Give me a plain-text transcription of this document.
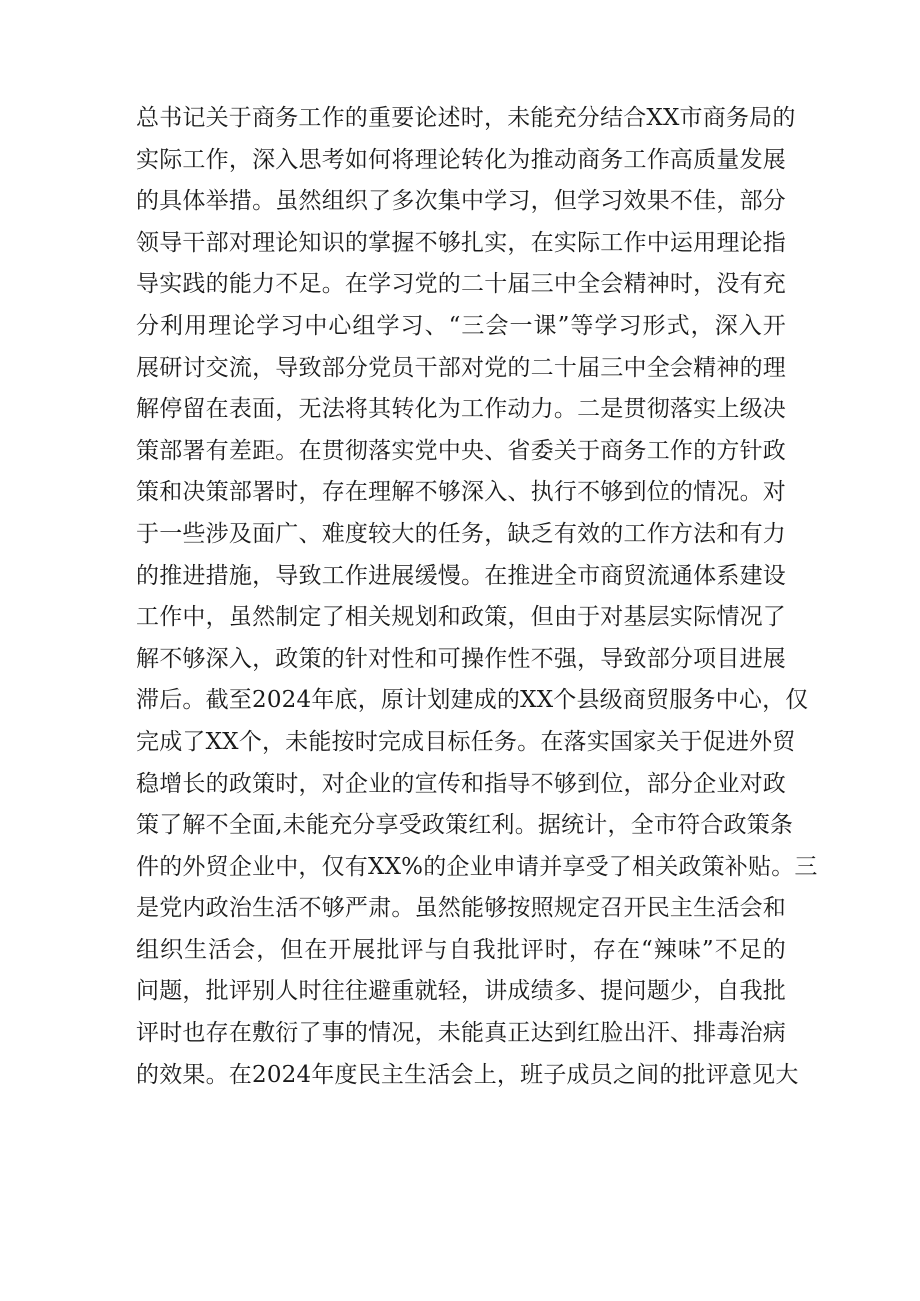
总书记关于商务工作的重要论述时，未能充分结合XX市商务局的
实际工作，深入思考如何将理论转化为推动商务工作高质量发展
的具体举措。虽然组织了多次集中学习，但学习效果不佳，部分
领导干部对理论知识的掌握不够扎实，在实际工作中运用理论指
导实践的能力不足。在学习党的二十届三中全会精神时，没有充
分利用理论学习中心组学习、“三会一课”等学习形式，深入开
展研讨交流，导致部分党员干部对党的二十届三中全会精神的理
解停留在表面，无法将其转化为工作动力。二是贯彻落实上级决
策部署有差距。在贯彻落实党中央、省委关于商务工作的方针政
策和决策部署时，存在理解不够深入、执行不够到位的情况。对
于一些涉及面广、难度较大的任务，缺乏有效的工作方法和有力
的推进措施，导致工作进展缓慢。在推进全市商贸流通体系建设
工作中，虽然制定了相关规划和政策，但由于对基层实际情况了
解不够深入，政策的针对性和可操作性不强，导致部分项目进展
滞后。截至2024年底，原计划建成的XX个县级商贸服务中心，仅
完成了XX个，未能按时完成目标任务。在落实国家关于促进外贸
稳增长的政策时，对企业的宣传和指导不够到位，部分企业对政
策了解不全面,未能充分享受政策红利。据统计，全市符合政策条
件的外贸企业中，仅有XX%的企业申请并享受了相关政策补贴。三
是党内政治生活不够严肃。虽然能够按照规定召开民主生活会和
组织生活会，但在开展批评与自我批评时，存在“辣味”不足的
问题，批评别人时往往避重就轻，讲成绩多、提问题少，自我批
评时也存在敷衍了事的情况，未能真正达到红脸出汗、排毒治病
的效果。在2024年度民主生活会上，班子成员之间的批评意见大
